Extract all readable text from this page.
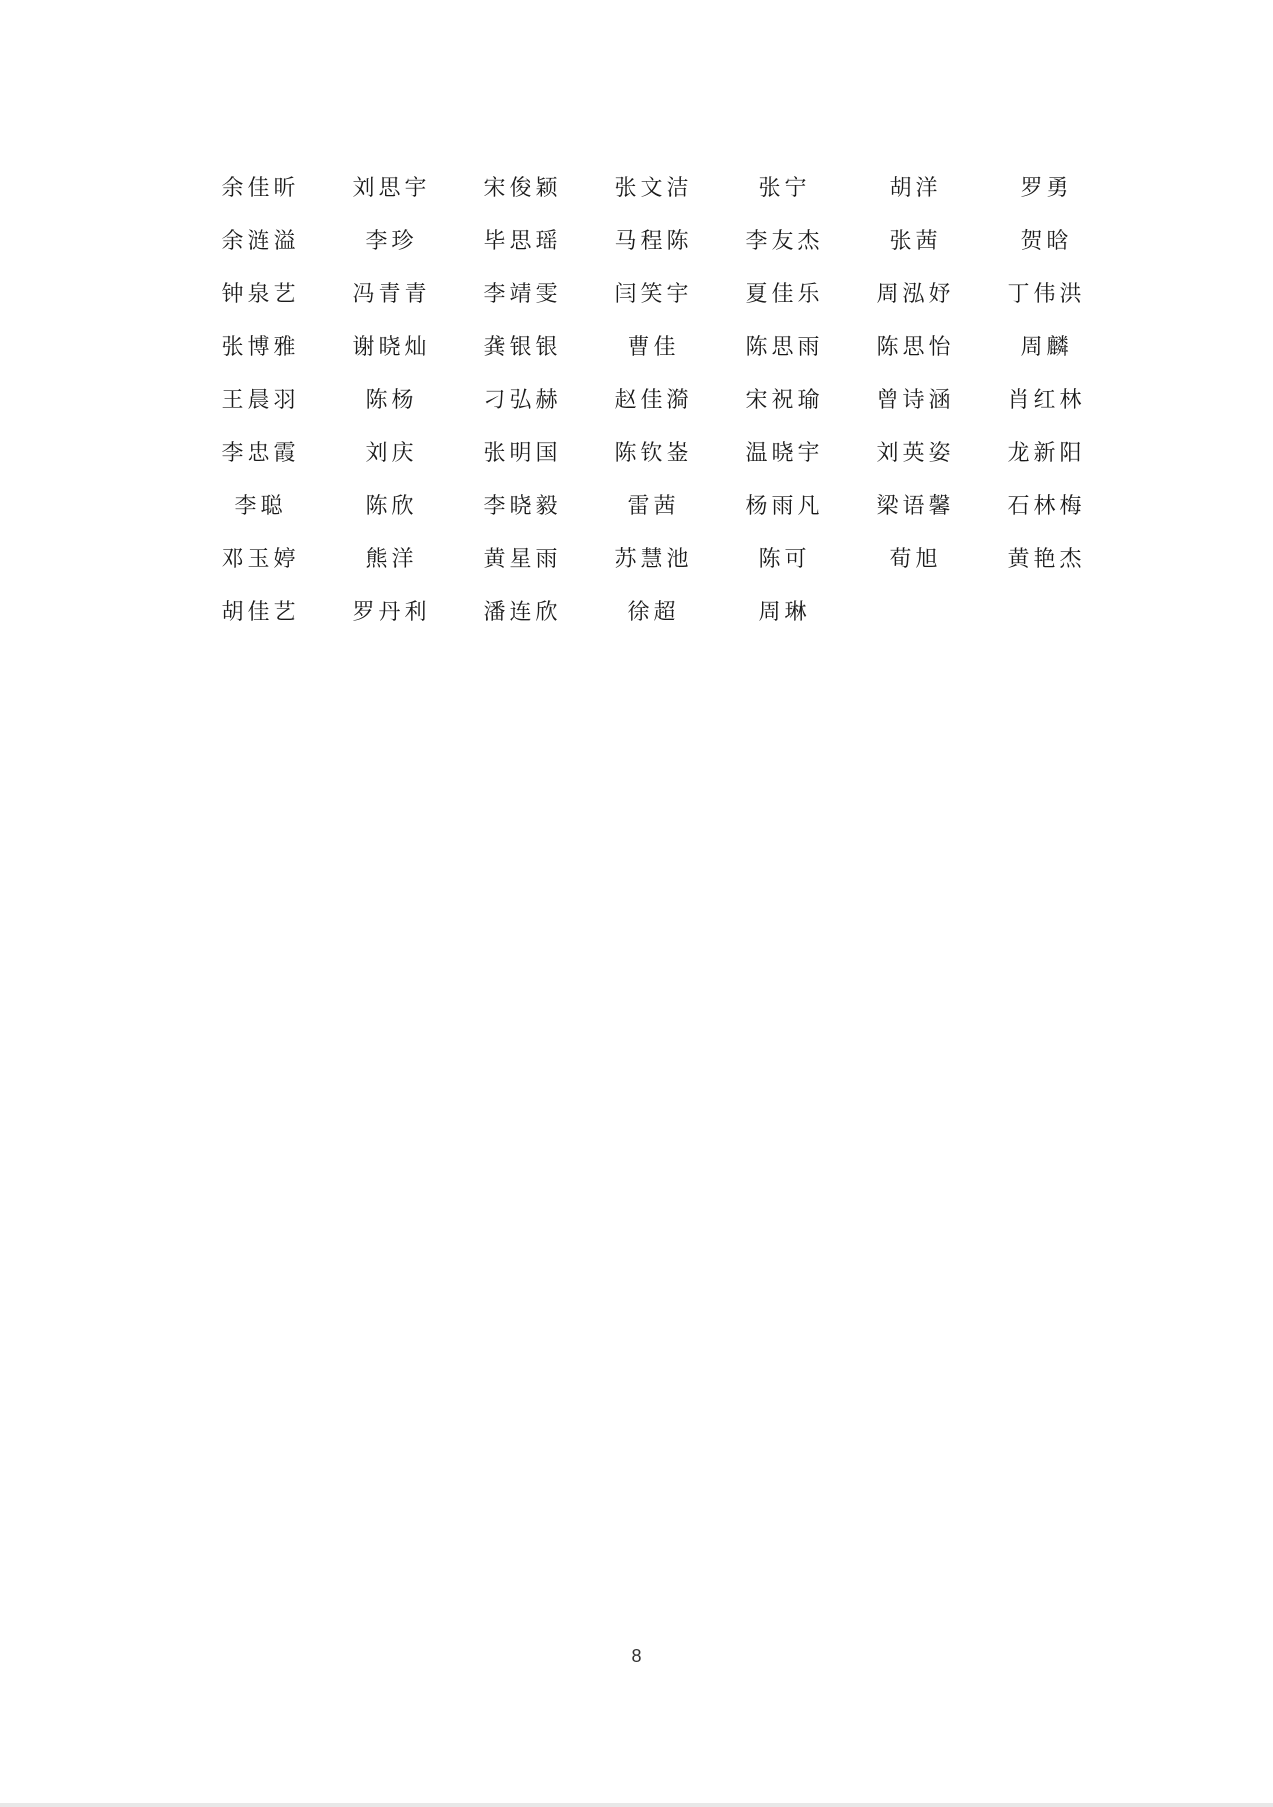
余佳昕	刘思宇	宋俊颖	张文洁	张宁	胡洋	罗勇
余涟溢	李珍	毕思瑶	马程陈	李友杰	张茜	贺晗
钟泉艺	冯青青	李靖雯	闫笑宇	夏佳乐	周泓妤	丁伟洪
张博雅	谢晓灿	龚银银	曹佳	陈思雨	陈思怡	周麟
王晨羽	陈杨	刁弘赫	赵佳漪	宋祝瑜	曾诗涵	肖红林
李忠霞	刘庆	张明国	陈钦崟	温晓宇	刘英姿	龙新阳
李聪	陈欣	李晓毅	雷茜	杨雨凡	梁语馨	石林梅
邓玉婷	熊洋	黄星雨	苏慧池	陈可	荀旭	黄艳杰
胡佳艺	罗丹利	潘连欣	徐超	周琳
8
